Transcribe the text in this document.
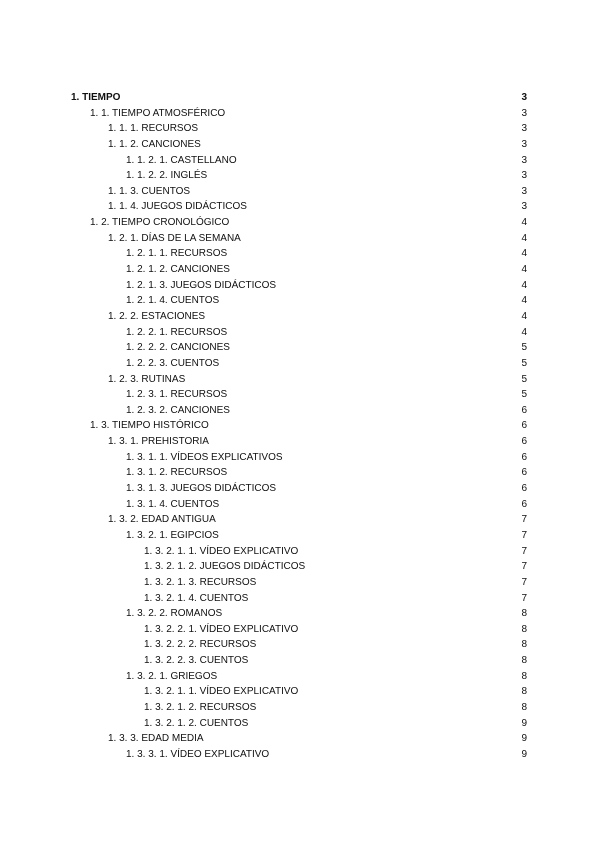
1. TIEMPO	3
1. 1. TIEMPO ATMOSFÉRICO	3
1. 1. 1. RECURSOS	3
1. 1. 2. CANCIONES	3
1. 1. 2. 1. CASTELLANO	3
1. 1. 2. 2. INGLÉS	3
1. 1. 3. CUENTOS	3
1. 1. 4. JUEGOS DIDÁCTICOS	3
1. 2. TIEMPO CRONOLÓGICO	4
1. 2. 1. DÍAS DE LA SEMANA	4
1. 2. 1. 1. RECURSOS	4
1. 2. 1. 2. CANCIONES	4
1. 2. 1. 3. JUEGOS DIDÁCTICOS	4
1. 2. 1. 4. CUENTOS	4
1. 2. 2. ESTACIONES	4
1. 2. 2. 1. RECURSOS	4
1. 2. 2. 2. CANCIONES	5
1. 2. 2. 3. CUENTOS	5
1. 2. 3. RUTINAS	5
1. 2. 3. 1. RECURSOS	5
1. 2. 3. 2. CANCIONES	6
1. 3. TIEMPO HISTÓRICO	6
1. 3. 1. PREHISTORIA	6
1. 3. 1. 1. VÍDEOS EXPLICATIVOS	6
1. 3. 1. 2. RECURSOS	6
1. 3. 1. 3. JUEGOS DIDÁCTICOS	6
1. 3. 1. 4. CUENTOS	6
1. 3. 2. EDAD ANTIGUA	7
1. 3. 2. 1. EGIPCIOS	7
1. 3. 2. 1. 1. VÍDEO EXPLICATIVO	7
1. 3. 2. 1. 2. JUEGOS DIDÁCTICOS	7
1. 3. 2. 1. 3. RECURSOS	7
1. 3. 2. 1. 4. CUENTOS	7
1. 3. 2. 2. ROMANOS	8
1. 3. 2. 2. 1. VÍDEO EXPLICATIVO	8
1. 3. 2. 2. 2. RECURSOS	8
1. 3. 2. 2. 3. CUENTOS	8
1. 3. 2. 1. GRIEGOS	8
1. 3. 2. 1. 1. VÍDEO EXPLICATIVO	8
1. 3. 2. 1. 2. RECURSOS	8
1. 3. 2. 1. 2. CUENTOS	9
1. 3. 3. EDAD MEDIA	9
1. 3. 3. 1. VÍDEO EXPLICATIVO	9
